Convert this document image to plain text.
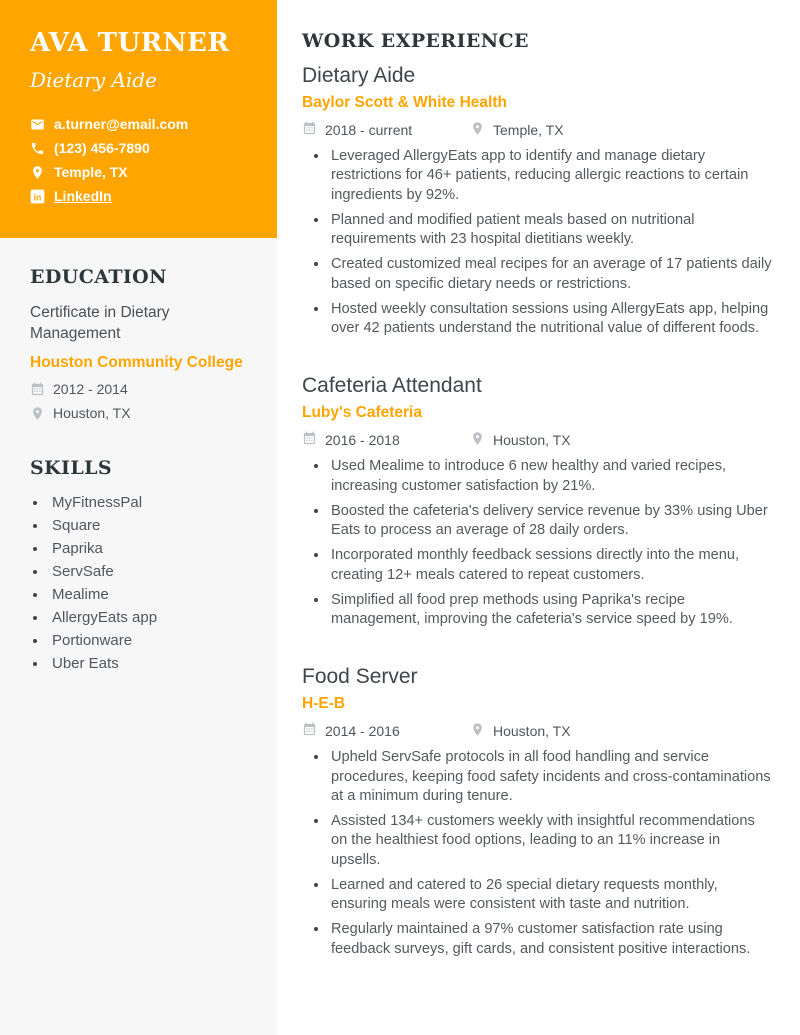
AVA TURNER
Dietary Aide
a.turner@email.com
(123) 456-7890
Temple, TX
in LinkedIn
EDUCATION
Certificate in Dietary Management
Houston Community College
2012 - 2014
Houston, TX
SKILLS
• MyFitnessPal
• Square
• Paprika
• ServSafe
• Mealime
• AllergyEats app
• Portionware
• Uber Eats
WORK EXPERIENCE
Dietary Aide
Baylor Scott & White Health
2018 - current	Temple, TX
• Leveraged AllergyEats app to identify and manage dietary restrictions for 46+ patients, reducing allergic reactions to certain ingredients by 92%.
• Planned and modified patient meals based on nutritional requirements with 23 hospital dietitians weekly.
• Created customized meal recipes for an average of 17 patients daily based on specific dietary needs or restrictions.
• Hosted weekly consultation sessions using AllergyEats app, helping over 42 patients understand the nutritional value of different foods.
Cafeteria Attendant
Luby's Cafeteria
2016 - 2018	Houston, TX
• Used Mealime to introduce 6 new healthy and varied recipes, increasing customer satisfaction by 21%.
• Boosted the cafeteria's delivery service revenue by 33% using Uber Eats to process an average of 28 daily orders.
• Incorporated monthly feedback sessions directly into the menu, creating 12+ meals catered to repeat customers.
• Simplified all food prep methods using Paprika's recipe management, improving the cafeteria's service speed by 19%.
Food Server
H-E-B
2014 - 2016	Houston, TX
• Upheld ServSafe protocols in all food handling and service procedures, keeping food safety incidents and cross-contaminations at a minimum during tenure.
• Assisted 134+ customers weekly with insightful recommendations on the healthiest food options, leading to an 11% increase in upsells.
• Learned and catered to 26 special dietary requests monthly, ensuring meals were consistent with taste and nutrition.
• Regularly maintained a 97% customer satisfaction rate using feedback surveys, gift cards, and consistent positive interactions.
